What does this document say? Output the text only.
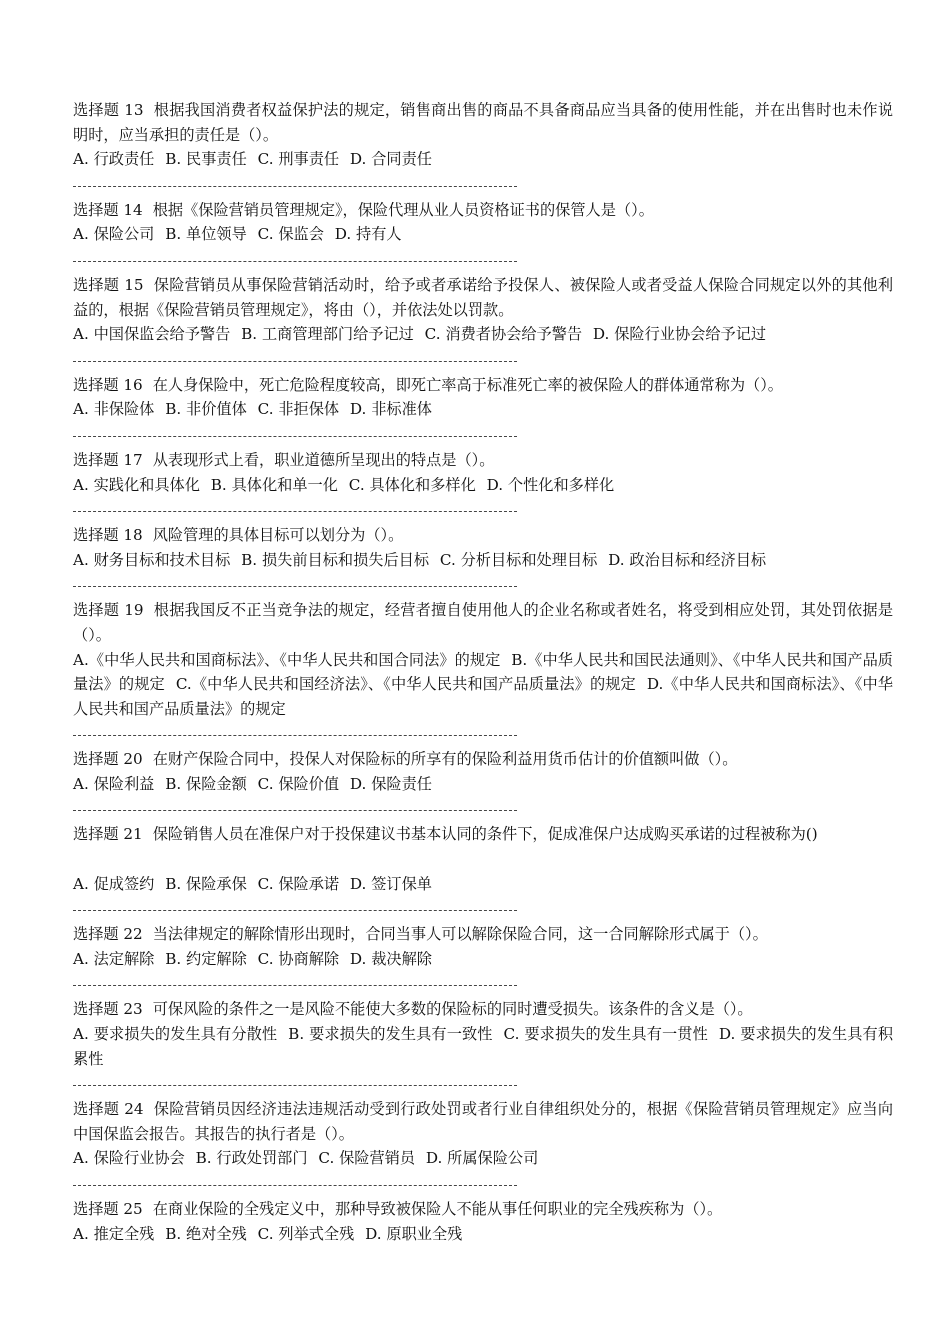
选择题 13 根据我国消费者权益保护法的规定，销售商出售的商品不具备商品应当具备的使用性能，并在出售时也未作说明时，应当承担的责任是（）。
A. 行政责任 B. 民事责任 C. 刑事责任 D. 合同责任
选择题 14 根据《保险营销员管理规定》，保险代理从业人员资格证书的保管人是（）。
A. 保险公司 B. 单位领导 C. 保监会 D. 持有人
选择题 15 保险营销员从事保险营销活动时，给予或者承诺给予投保人、被保险人或者受益人保险合同规定以外的其他利益的，根据《保险营销员管理规定》，将由（），并依法处以罚款。
A. 中国保监会给予警告 B. 工商管理部门给予记过 C. 消费者协会给予警告 D. 保险行业协会给予记过
选择题 16 在人身保险中，死亡危险程度较高，即死亡率高于标准死亡率的被保险人的群体通常称为（）。
A. 非保险体 B. 非价值体 C. 非拒保体 D. 非标准体
选择题 17 从表现形式上看，职业道德所呈现出的特点是（）。
A. 实践化和具体化 B. 具体化和单一化 C. 具体化和多样化 D. 个性化和多样化
选择题 18 风险管理的具体目标可以划分为（）。
A. 财务目标和技术目标 B. 损失前目标和损失后目标 C. 分析目标和处理目标 D. 政治目标和经济目标
选择题 19 根据我国反不正当竞争法的规定，经营者擅自使用他人的企业名称或者姓名，将受到相应处罚，其处罚依据是（）。
A.《中华人民共和国商标法》、《中华人民共和国合同法》的规定 B.《中华人民共和国民法通则》、《中华人民共和国产品质量法》的规定 C.《中华人民共和国经济法》、《中华人民共和国产品质量法》的规定 D.《中华人民共和国商标法》、《中华人民共和国产品质量法》的规定
选择题 20 在财产保险合同中，投保人对保险标的所享有的保险利益用货币估计的价值额叫做（）。
A. 保险利益 B. 保险金额 C. 保险价值 D. 保险责任
选择题 21 保险销售人员在准保户对于投保建议书基本认同的条件下，促成准保户达成购买承诺的过程被称为()
A. 促成签约 B. 保险承保 C. 保险承诺 D. 签订保单
选择题 22 当法律规定的解除情形出现时，合同当事人可以解除保险合同，这一合同解除形式属于（）。
A. 法定解除 B. 约定解除 C. 协商解除 D. 裁决解除
选择题 23 可保风险的条件之一是风险不能使大多数的保险标的同时遭受损失。该条件的含义是（）。
A. 要求损失的发生具有分散性 B. 要求损失的发生具有一致性 C. 要求损失的发生具有一贯性 D. 要求损失的发生具有积累性
选择题 24 保险营销员因经济违法违规活动受到行政处罚或者行业自律组织处分的，根据《保险营销员管理规定》应当向中国保监会报告。其报告的执行者是（）。
A. 保险行业协会 B. 行政处罚部门 C. 保险营销员 D. 所属保险公司
选择题 25 在商业保险的全残定义中，那种导致被保险人不能从事任何职业的完全残疾称为（）。
A. 推定全残 B. 绝对全残 C. 列举式全残 D. 原职业全残
